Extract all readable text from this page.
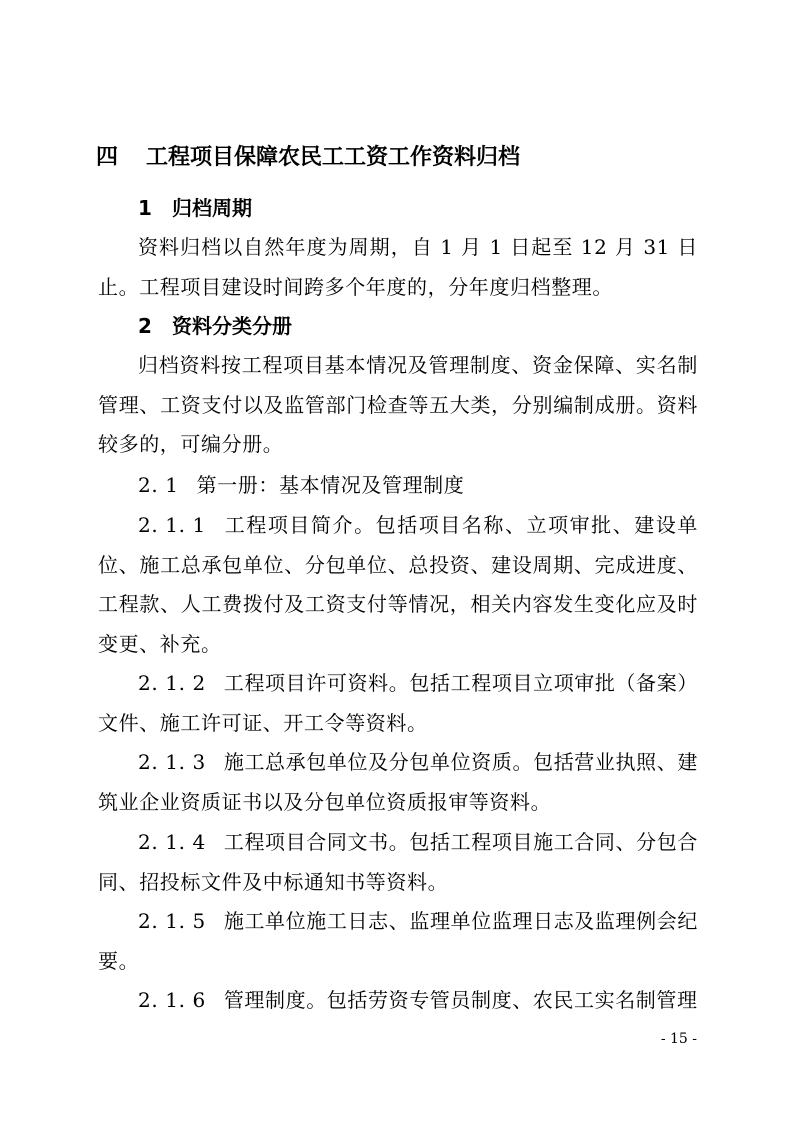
四 工程项目保障农民工工资工作资料归档
1 归档周期

资料归档以自然年度为周期，自 1 月 1 日起至 12 月 31 日止。工程项目建设时间跨多个年度的，分年度归档整理。

2 资料分类分册

归档资料按工程项目基本情况及管理制度、资金保障、实名制管理、工资支付以及监管部门检查等五大类，分别编制成册。资料较多的，可编分册。

2. 1 第一册：基本情况及管理制度

2. 1. 1 工程项目简介。包括项目名称、立项审批、建设单位、施工总承包单位、分包单位、总投资、建设周期、完成进度、工程款、人工费拨付及工资支付等情况，相关内容发生变化应及时变更、补充。

2. 1. 2 工程项目许可资料。包括工程项目立项审批（备案）文件、施工许可证、开工令等资料。

2. 1. 3 施工总承包单位及分包单位资质。包括营业执照、建筑业企业资质证书以及分包单位资质报审等资料。

2. 1. 4 工程项目合同文书。包括工程项目施工合同、分包合同、招投标文件及中标通知书等资料。

2. 1. 5 施工单位施工日志、监理单位监理日志及监理例会纪要。

2. 1. 6 管理制度。包括劳资专管员制度、农民工实名制管理

- 15 -
